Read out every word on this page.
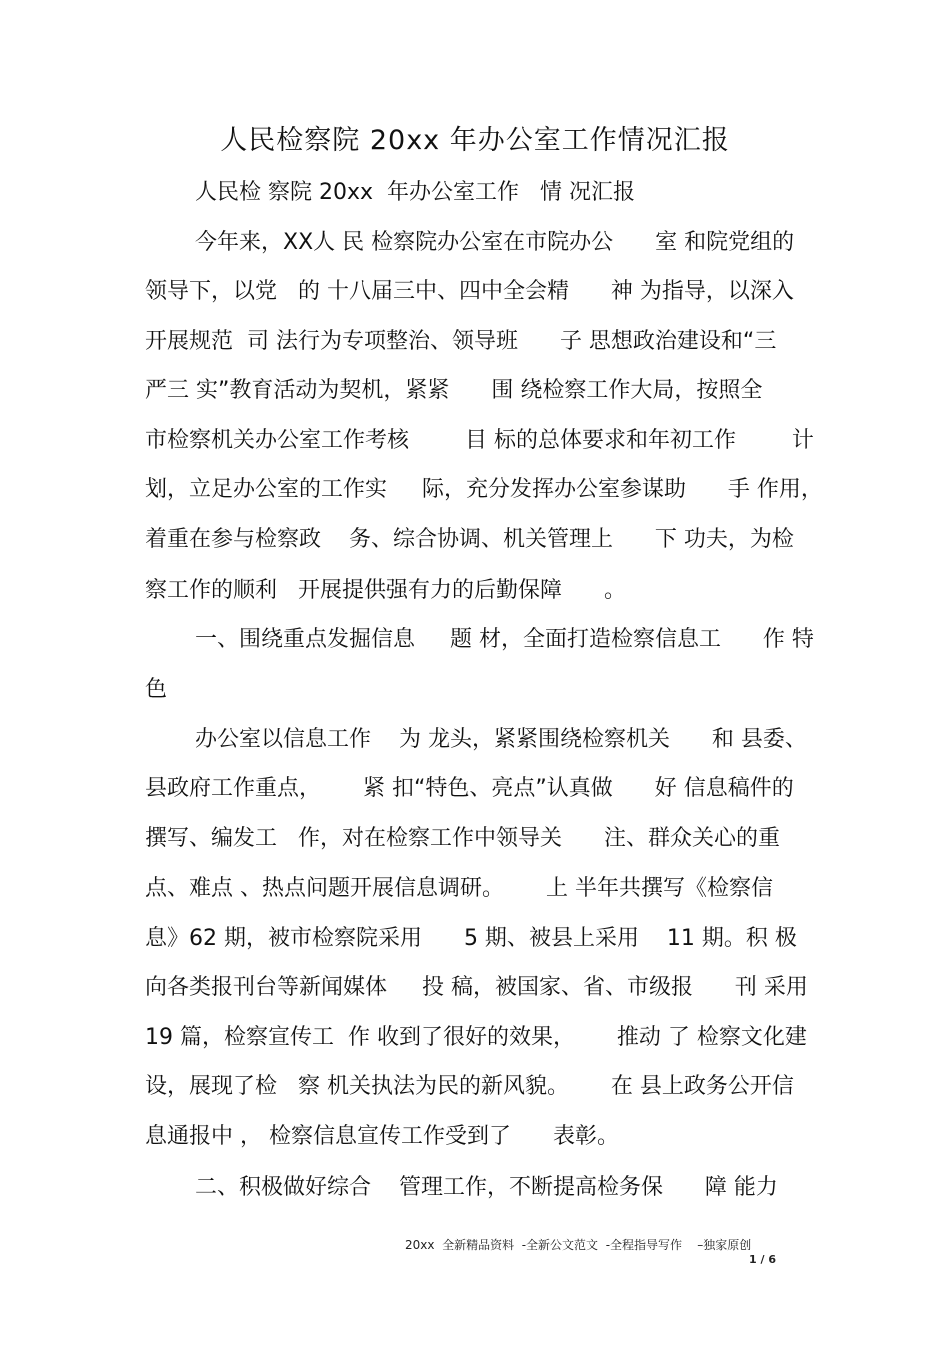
人民检察院 20xx 年办公室工作情况汇报

人民检 察院 20xx  年办公室工作   情 况汇报

今年来，XX人 民 检察院办公室在市院办公      室 和院党组的
领导下，以党   的 十八届三中、四中全会精      神 为指导，以深入
开展规范  司 法行为专项整治、领导班      子 思想政治建设和“三
严三 实”教育活动为契机，紧紧      围 绕检察工作大局，按照全
市检察机关办公室工作考核        目 标的总体要求和年初工作        计
划，立足办公室的工作实     际，充分发挥办公室参谋助      手 作用，
着重在参与检察政    务、综合协调、机关管理上      下 功夫，为检
察工作的顺利   开展提供强有力的后勤保障      。
一、围绕重点发掘信息     题 材，全面打造检察信息工      作 特
色
办公室以信息工作    为 龙头，紧紧围绕检察机关      和 县委、
县政府工作重点，      紧 扣“特色、亮点”认真做      好 信息稿件的
撰写、编发工   作，对在检察工作中领导关      注、群众关心的重
点、难点 、热点问题开展信息调研。      上 半年共撰写《检察信
息》62 期，被市检察院采用      5 期、被县上采用    11 期。积 极
向各类报刊台等新闻媒体     投 稿，被国家、省、市级报      刊 采用
19 篇，检察宣传工  作 收到了很好的效果，      推动 了 检察文化建
设，展现了检   察 机关执法为民的新风貌。      在 县上政务公开信
息通报中 ， 检察信息宣传工作受到了      表彰。
二、积极做好综合    管理工作，不断提高检务保      障 能力
20xx  全新精品资料  -全新公文范文  -全程指导写作    –独家原创
1 / 6
